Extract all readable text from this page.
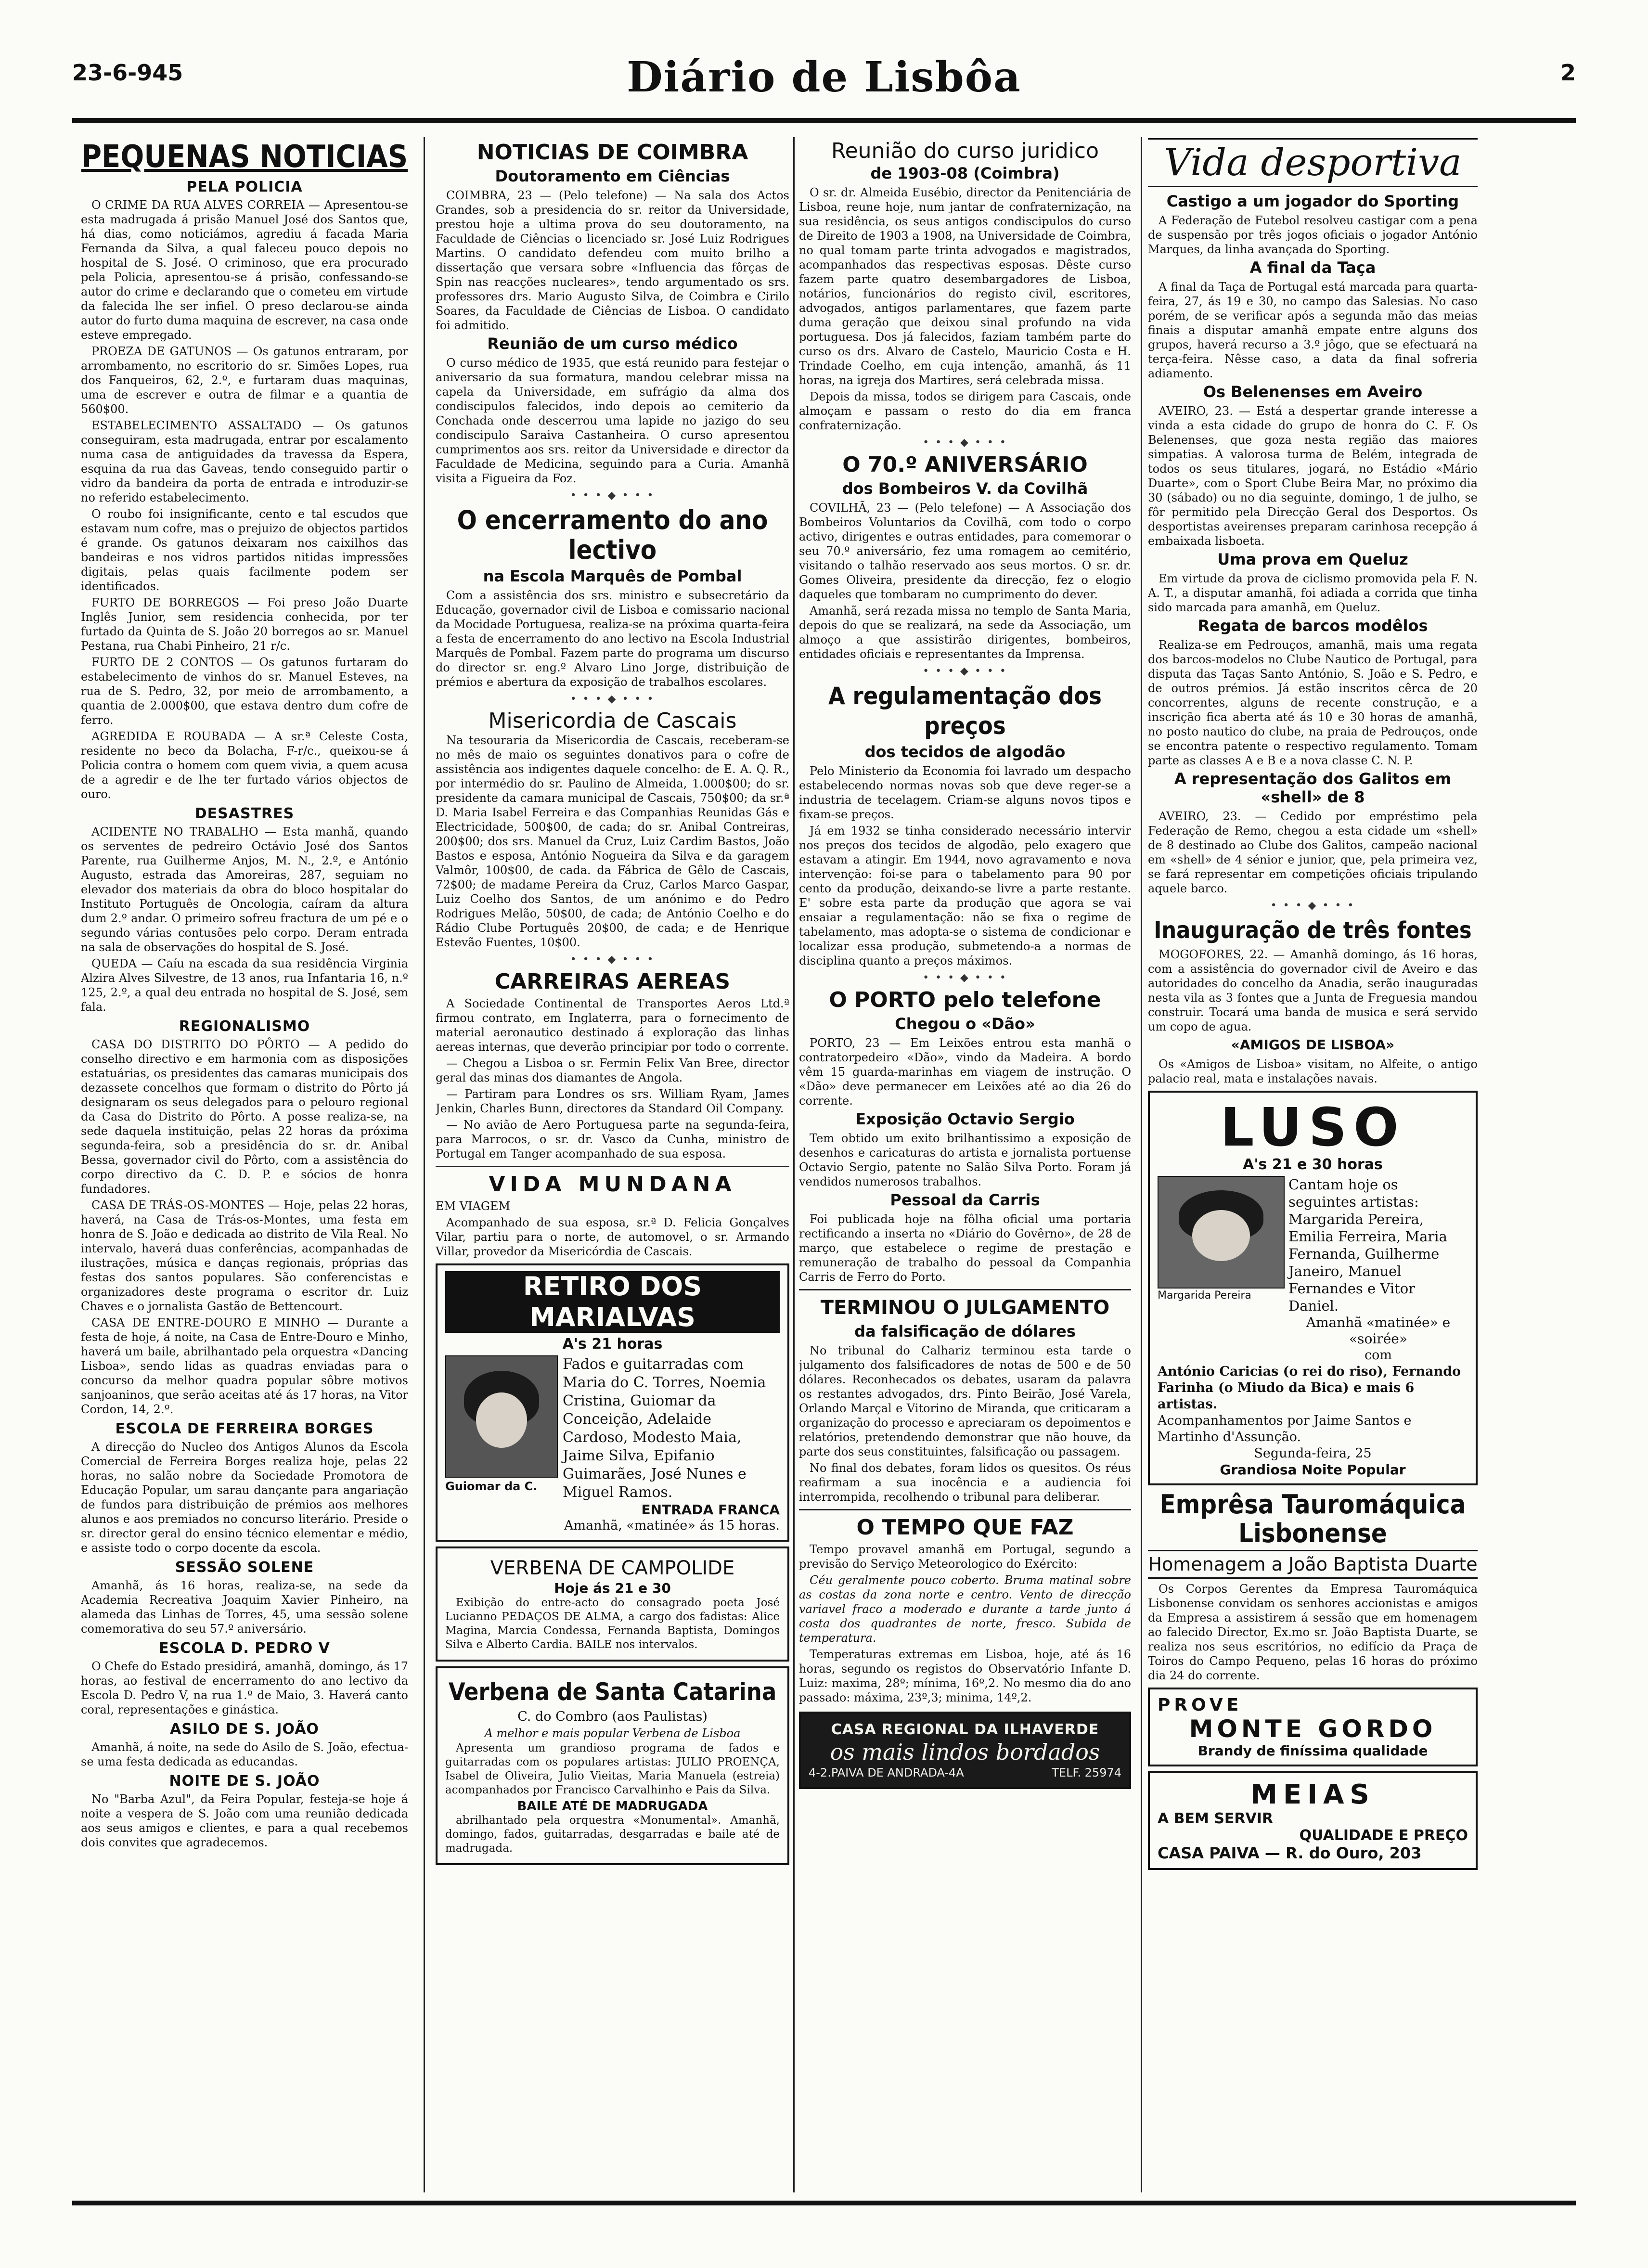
23-6-945	Diário de Lisbôa	2
PEQUENAS NOTICIAS
PELA POLICIA

O CRIME DA RUA ALVES CORREIA — Apresentou-se esta madrugada á prisão Manuel José dos Santos que, há dias, como noticiámos, agrediu á facada Maria Fernanda da Silva, a qual faleceu pouco depois no hospital de S. José. O criminoso, que era procurado pela Policia, apresentou-se á prisão, confessando-se autor do crime e declarando que o cometeu em virtude da falecida lhe ser infiel. O preso declarou-se ainda autor do furto duma maquina de escrever, na casa onde esteve empregado.

PROEZA DE GATUNOS — Os gatunos entraram, por arrombamento, no escritorio do sr. Simões Lopes, rua dos Fanqueiros, 62, 2.º, e furtaram duas maquinas, uma de escrever e outra de filmar e a quantia de 560$00.

ESTABELECIMENTO ASSALTADO — Os gatunos conseguiram, esta madrugada, entrar por escalamento numa casa de antiguidades da travessa da Espera, esquina da rua das Gaveas, tendo conseguido partir o vidro da bandeira da porta de entrada e introduzir-se no referido estabelecimento.

O roubo foi insignificante, cento e tal escudos que estavam num cofre, mas o prejuizo de objectos partidos é grande. Os gatunos deixaram nos caixilhos das bandeiras e nos vidros partidos nitidas impressões digitais, pelas quais facilmente podem ser identificados.

FURTO DE BORREGOS — Foi preso João Duarte Inglês Junior, sem residencia conhecida, por ter furtado da Quinta de S. João 20 borregos ao sr. Manuel Pestana, rua Chabi Pinheiro, 21 r/c.

FURTO DE 2 CONTOS — Os gatunos furtaram do estabelecimento de vinhos do sr. Manuel Esteves, na rua de S. Pedro, 32, por meio de arrombamento, a quantia de 2.000$00, que estava dentro dum cofre de ferro.

AGREDIDA E ROUBADA — A sr.ª Celeste Costa, residente no beco da Bolacha, F-r/c., queixou-se á Policia contra o homem com quem vivia, a quem acusa de a agredir e de lhe ter furtado vários objectos de ouro.

DESASTRES

ACIDENTE NO TRABALHO — Esta manhã, quando os serventes de pedreiro Octávio José dos Santos Parente, rua Guilherme Anjos, M. N., 2.º, e António Augusto, estrada das Amoreiras, 287, seguiam no elevador dos materiais da obra do bloco hospitalar do Instituto Português de Oncologia, caíram da altura dum 2.º andar. O primeiro sofreu fractura de um pé e o segundo várias contusões pelo corpo. Deram entrada na sala de observações do hospital de S. José.

QUEDA — Caíu na escada da sua residência Virginia Alzira Alves Silvestre, de 13 anos, rua Infantaria 16, n.º 125, 2.º, a qual deu entrada no hospital de S. José, sem fala.

REGIONALISMO

CASA DO DISTRITO DO PÔRTO — A pedido do conselho directivo e em harmonia com as disposições estatuárias, os presidentes das camaras municipais dos dezassete concelhos que formam o distrito do Pôrto já designaram os seus delegados para o pelouro regional da Casa do Distrito do Pôrto. A posse realiza-se, na sede daquela instituição, pelas 22 horas da próxima segunda-feira, sob a presidência do sr. dr. Anibal Bessa, governador civil do Pôrto, com a assistência do corpo directivo da C. D. P. e sócios de honra fundadores.

CASA DE TRÁS-OS-MONTES — Hoje, pelas 22 horas, haverá, na Casa de Trás-os-Montes, uma festa em honra de S. João e dedicada ao distrito de Vila Real. No intervalo, haverá duas conferências, acompanhadas de ilustrações, música e danças regionais, próprias das festas dos santos populares. São conferencistas e organizadores deste programa o escritor dr. Luiz Chaves e o jornalista Gastão de Bettencourt.

CASA DE ENTRE-DOURO E MINHO — Durante a festa de hoje, á noite, na Casa de Entre-Douro e Minho, haverá um baile, abrilhantado pela orquestra «Dancing Lisboa», sendo lidas as quadras enviadas para o concurso da melhor quadra popular sôbre motivos sanjoaninos, que serão aceitas até ás 17 horas, na Vitor Cordon, 14, 2.º.

ESCOLA DE FERREIRA BORGES

A direcção do Nucleo dos Antigos Alunos da Escola Comercial de Ferreira Borges realiza hoje, pelas 22 horas, no salão nobre da Sociedade Promotora de Educação Popular, um sarau dançante para angariação de fundos para distribuição de prémios aos melhores alunos e aos premiados no concurso literário. Preside o sr. director geral do ensino técnico elementar e médio, e assiste todo o corpo docente da escola.

SESSÃO SOLENE

Amanhã, ás 16 horas, realiza-se, na sede da Academia Recreativa Joaquim Xavier Pinheiro, na alameda das Linhas de Torres, 45, uma sessão solene comemorativa do seu 57.º aniversário.

ESCOLA D. PEDRO V

O Chefe do Estado presidirá, amanhã, domingo, ás 17 horas, ao festival de encerramento do ano lectivo da Escola D. Pedro V, na rua 1.º de Maio, 3. Haverá canto coral, representações e ginástica.

ASILO DE S. JOÃO

Amanhã, á noite, na sede do Asilo de S. João, efectua-se uma festa dedicada as educandas.

NOITE DE S. JOÃO

No "Barba Azul", da Feira Popular, festeja-se hoje á noite a vespera de S. João com uma reunião dedicada aos seus amigos e clientes, e para a qual recebemos dois convites que agradecemos.

NOTICIAS DE COIMBRA
Doutoramento em Ciências

COIMBRA, 23 — (Pelo telefone) — Na sala dos Actos Grandes, sob a presidencia do sr. reitor da Universidade, prestou hoje a ultima prova do seu doutoramento, na Faculdade de Ciências o licenciado sr. José Luiz Rodrigues Martins. O candidato defendeu com muito brilho a dissertação que versara sobre «Influencia das fôrças de Spin nas reacções nucleares», tendo argumentado os srs. professores drs. Mario Augusto Silva, de Coimbra e Cirilo Soares, da Faculdade de Ciências de Lisboa. O candidato foi admitido.

Reunião de um curso médico

O curso médico de 1935, que está reunido para festejar o aniversario da sua formatura, mandou celebrar missa na capela da Universidade, em sufrágio da alma dos condiscipulos falecidos, indo depois ao cemiterio da Conchada onde descerrou uma lapide no jazigo do seu condiscipulo Saraiva Castanheira. O curso apresentou cumprimentos aos srs. reitor da Universidade e director da Faculdade de Medicina, seguindo para a Curia. Amanhã visita a Figueira da Foz.

• • • ◆ • • •
O encerramento do ano lectivo
na Escola Marquês de Pombal

Com a assistência dos srs. ministro e subsecretário da Educação, governador civil de Lisboa e comissario nacional da Mocidade Portuguesa, realiza-se na próxima quarta-feira a festa de encerramento do ano lectivo na Escola Industrial Marquês de Pombal. Fazem parte do programa um discurso do director sr. eng.º Alvaro Lino Jorge, distribuição de prémios e abertura da exposição de trabalhos escolares.

• • • ◆ • • •
Misericordia de Cascais

Na tesouraria da Misericordia de Cascais, receberam-se no mês de maio os seguintes donativos para o cofre de assistência aos indigentes daquele concelho: de E. A. Q. R., por intermédio do sr. Paulino de Almeida, 1.000$00; do sr. presidente da camara municipal de Cascais, 750$00; da sr.ª D. Maria Isabel Ferreira e das Companhias Reunidas Gás e Electricidade, 500$00, de cada; do sr. Anibal Contreiras, 200$00; dos srs. Manuel da Cruz, Luiz Cardim Bastos, João Bastos e esposa, António Nogueira da Silva e da garagem Valmôr, 100$00, de cada. da Fábrica de Gêlo de Cascais, 72$00; de madame Pereira da Cruz, Carlos Marco Gaspar, Luiz Coelho dos Santos, de um anónimo e do Pedro Rodrigues Melão, 50$00, de cada; de António Coelho e do Rádio Clube Português 20$00, de cada; e de Henrique Estevão Fuentes, 10$00.

• • • ◆ • • •
CARREIRAS AEREAS

A Sociedade Continental de Transportes Aeros Ltd.ª firmou contrato, em Inglaterra, para o fornecimento de material aeronautico destinado á exploração das linhas aereas internas, que deverão principiar por todo o corrente.

— Chegou a Lisboa o sr. Fermin Felix Van Bree, director geral das minas dos diamantes de Angola.

— Partiram para Londres os srs. William Ryam, James Jenkin, Charles Bunn, directores da Standard Oil Company.

— No avião de Aero Portuguesa parte na segunda-feira, para Marrocos, o sr. dr. Vasco da Cunha, ministro de Portugal em Tanger acompanhado de sua esposa.

VIDA MUNDANA

EM VIAGEM

Acompanhado de sua esposa, sr.ª D. Felicia Gonçalves Vilar, partiu para o norte, de automovel, o sr. Armando Villar, provedor da Misericórdia de Cascais.

RETIRO DOS MARIALVAS
A's 21 horas
Guiomar da C.
Fados e guitarradas com Maria do C. Torres, Noemia Cristina, Guiomar da Conceição, Adelaide Cardoso, Modesto Maia, Jaime Silva, Epifanio Guimarães, José Nunes e Miguel Ramos.
ENTRADA FRANCA
Amanhã, «matinée» ás 15 horas.
VERBENA DE CAMPOLIDE
Hoje ás 21 e 30

Exibição do entre-acto do consagrado poeta José Lucianno PEDAÇOS DE ALMA, a cargo dos fadistas: Alice Magina, Marcia Condessa, Fernanda Baptista, Domingos Silva e Alberto Cardia. BAILE nos intervalos.

Verbena de Santa Catarina
C. do Combro (aos Paulistas)
A melhor e mais popular Verbena de Lisboa

Apresenta um grandioso programa de fados e guitarradas com os populares artistas: JULIO PROENÇA, Isabel de Oliveira, Julio Vieitas, Maria Manuela (estreia) acompanhados por Francisco Carvalhinho e Pais da Silva.

BAILE ATÉ DE MADRUGADA

abrilhantado pela orquestra «Monumental». Amanhã, domingo, fados, guitarradas, desgarradas e baile até de madrugada.

Reunião do curso juridico
de 1903-08 (Coimbra)

O sr. dr. Almeida Eusébio, director da Penitenciária de Lisboa, reune hoje, num jantar de confraternização, na sua residência, os seus antigos condiscipulos do curso de Direito de 1903 a 1908, na Universidade de Coimbra, no qual tomam parte trinta advogados e magistrados, acompanhados das respectivas esposas. Dêste curso fazem parte quatro desembargadores de Lisboa, notários, funcionários do registo civil, escritores, advogados, antigos parlamentares, que fazem parte duma geração que deixou sinal profundo na vida portuguesa. Dos já falecidos, faziam também parte do curso os drs. Alvaro de Castelo, Mauricio Costa e H. Trindade Coelho, em cuja intenção, amanhã, ás 11 horas, na igreja dos Martires, será celebrada missa.

Depois da missa, todos se dirigem para Cascais, onde almoçam e passam o resto do dia em franca confraternização.

• • • ◆ • • •
O 70.º ANIVERSÁRIO
dos Bombeiros V. da Covilhã

COVILHÃ, 23 — (Pelo telefone) — A Associação dos Bombeiros Voluntarios da Covilhã, com todo o corpo activo, dirigentes e outras entidades, para comemorar o seu 70.º aniversário, fez uma romagem ao cemitério, visitando o talhão reservado aos seus mortos. O sr. dr. Gomes Oliveira, presidente da direcção, fez o elogio daqueles que tombaram no cumprimento do dever.

Amanhã, será rezada missa no templo de Santa Maria, depois do que se realizará, na sede da Associação, um almoço a que assistirão dirigentes, bombeiros, entidades oficiais e representantes da Imprensa.

• • • ◆ • • •
A regulamentação dos preços
dos tecidos de algodão

Pelo Ministerio da Economia foi lavrado um despacho estabelecendo normas novas sob que deve reger-se a industria de tecelagem. Criam-se alguns novos tipos e fixam-se preços.

Já em 1932 se tinha considerado necessário intervir nos preços dos tecidos de algodão, pelo exagero que estavam a atingir. Em 1944, novo agravamento e nova intervenção: foi-se para o tabelamento para 90 por cento da produção, deixando-se livre a parte restante. E' sobre esta parte da produção que agora se vai ensaiar a regulamentação: não se fixa o regime de tabelamento, mas adopta-se o sistema de condicionar e localizar essa produção, submetendo-a a normas de disciplina quanto a preços máximos.

• • • ◆ • • •
O PORTO pelo telefone
Chegou o «Dão»

PORTO, 23 — Em Leixões entrou esta manhã o contratorpedeiro «Dão», vindo da Madeira. A bordo vêm 15 guarda-marinhas em viagem de instrução. O «Dão» deve permanecer em Leixões até ao dia 26 do corrente.

Exposição Octavio Sergio

Tem obtido um exito brilhantissimo a exposição de desenhos e caricaturas do artista e jornalista portuense Octavio Sergio, patente no Salão Silva Porto. Foram já vendidos numerosos trabalhos.

Pessoal da Carris

Foi publicada hoje na fôlha oficial uma portaria rectificando a inserta no «Diário do Govêrno», de 28 de março, que estabelece o regime de prestação e remuneração de trabalho do pessoal da Companhia Carris de Ferro do Porto.

TERMINOU O JULGAMENTO
da falsificação de dólares

No tribunal do Calhariz terminou esta tarde o julgamento dos falsificadores de notas de 500 e de 50 dólares. Reconhecados os debates, usaram da palavra os restantes advogados, drs. Pinto Beirão, José Varela, Orlando Marçal e Vitorino de Miranda, que criticaram a organização do processo e apreciaram os depoimentos e relatórios, pretendendo demonstrar que não houve, da parte dos seus constituintes, falsificação ou passagem.

No final dos debates, foram lidos os quesitos. Os réus reafirmam a sua inocência e a audiencia foi interrompida, recolhendo o tribunal para deliberar.

O TEMPO QUE FAZ

Tempo provavel amanhã em Portugal, segundo a previsão do Serviço Meteorologico do Exército:

Céu geralmente pouco coberto. Bruma matinal sobre as costas da zona norte e centro. Vento de direcção variavel fraco a moderado e durante a tarde junto á costa dos quadrantes de norte, fresco. Subida de temperatura.

Temperaturas extremas em Lisboa, hoje, até ás 16 horas, segundo os registos do Observatório Infante D. Luiz: maxima, 28º; mínima, 16º,2. No mesmo dia do ano passado: máxima, 23º,3; minima, 14º,2.

CASA REGIONAL DA ILHAVERDE
os mais lindos bordados
4-2.PAIVA DE ANDRADA-4A	TELF. 25974
Vida desportiva
Castigo a um jogador do Sporting

A Federação de Futebol resolveu castigar com a pena de suspensão por três jogos oficiais o jogador António Marques, da linha avançada do Sporting.

A final da Taça

A final da Taça de Portugal está marcada para quarta-feira, 27, ás 19 e 30, no campo das Salesias. No caso porém, de se verificar após a segunda mão das meias finais a disputar amanhã empate entre alguns dos grupos, haverá recurso a 3.º jôgo, que se efectuará na terça-feira. Nêsse caso, a data da final sofreria adiamento.

Os Belenenses em Aveiro

AVEIRO, 23. — Está a despertar grande interesse a vinda a esta cidade do grupo de honra do C. F. Os Belenenses, que goza nesta região das maiores simpatias. A valorosa turma de Belém, integrada de todos os seus titulares, jogará, no Estádio «Mário Duarte», com o Sport Clube Beira Mar, no próximo dia 30 (sábado) ou no dia seguinte, domingo, 1 de julho, se fôr permitido pela Direcção Geral dos Desportos. Os desportistas aveirenses preparam carinhosa recepção á embaixada lisboeta.

Uma prova em Queluz

Em virtude da prova de ciclismo promovida pela F. N. A. T., a disputar amanhã, foi adiada a corrida que tinha sido marcada para amanhã, em Queluz.

Regata de barcos modêlos

Realiza-se em Pedrouços, amanhã, mais uma regata dos barcos-modelos no Clube Nautico de Portugal, para disputa das Taças Santo António, S. João e S. Pedro, e de outros prémios. Já estão inscritos cêrca de 20 concorrentes, alguns de recente construção, e a inscrição fica aberta até ás 10 e 30 horas de amanhã, no posto nautico do clube, na praia de Pedrouços, onde se encontra patente o respectivo regulamento. Tomam parte as classes A e B e a nova classe C. N. P.

A representação dos Galitos em «shell» de 8

AVEIRO, 23. — Cedido por empréstimo pela Federação de Remo, chegou a esta cidade um «shell» de 8 destinado ao Clube dos Galitos, campeão nacional em «shell» de 4 sénior e junior, que, pela primeira vez, se fará representar em competições oficiais tripulando aquele barco.

• • • ◆ • • •
Inauguração de três fontes

MOGOFORES, 22. — Amanhã domingo, ás 16 horas, com a assistência do governador civil de Aveiro e das autoridades do concelho da Anadia, serão inauguradas nesta vila as 3 fontes que a Junta de Freguesia mandou construir. Tocará uma banda de musica e será servido um copo de agua.

«AMIGOS DE LISBOA»

Os «Amigos de Lisboa» visitam, no Alfeite, o antigo palacio real, mata e instalações navais.

LUSO
A's 21 e 30 horas
Margarida Pereira
Cantam hoje os seguintes artistas: Margarida Pereira, Emilia Ferreira, Maria Fernanda, Guilherme Janeiro, Manuel Fernandes e Vitor Daniel.
Amanhã «matinée» e «soirée»
com
António Caricias (o rei do riso), Fernando Farinha (o Miudo da Bica) e mais 6 artistas.
Acompanhamentos por Jaime Santos e Martinho d'Assunção.
Segunda-feira, 25
Grandiosa Noite Popular
Emprêsa Tauromáquica Lisbonense
Homenagem a João Baptista Duarte

Os Corpos Gerentes da Empresa Tauromáquica Lisbonense convidam os senhores accionistas e amigos da Empresa a assistirem á sessão que em homenagem ao falecido Director, Ex.mo sr. João Baptista Duarte, se realiza nos seus escritórios, no edifício da Praça de Toiros do Campo Pequeno, pelas 16 horas do próximo dia 24 do corrente.

PROVE
MONTE GORDO
Brandy de finíssima qualidade
MEIAS
A BEM SERVIR
QUALIDADE E PREÇO
CASA PAIVA — R. do Ouro, 203
